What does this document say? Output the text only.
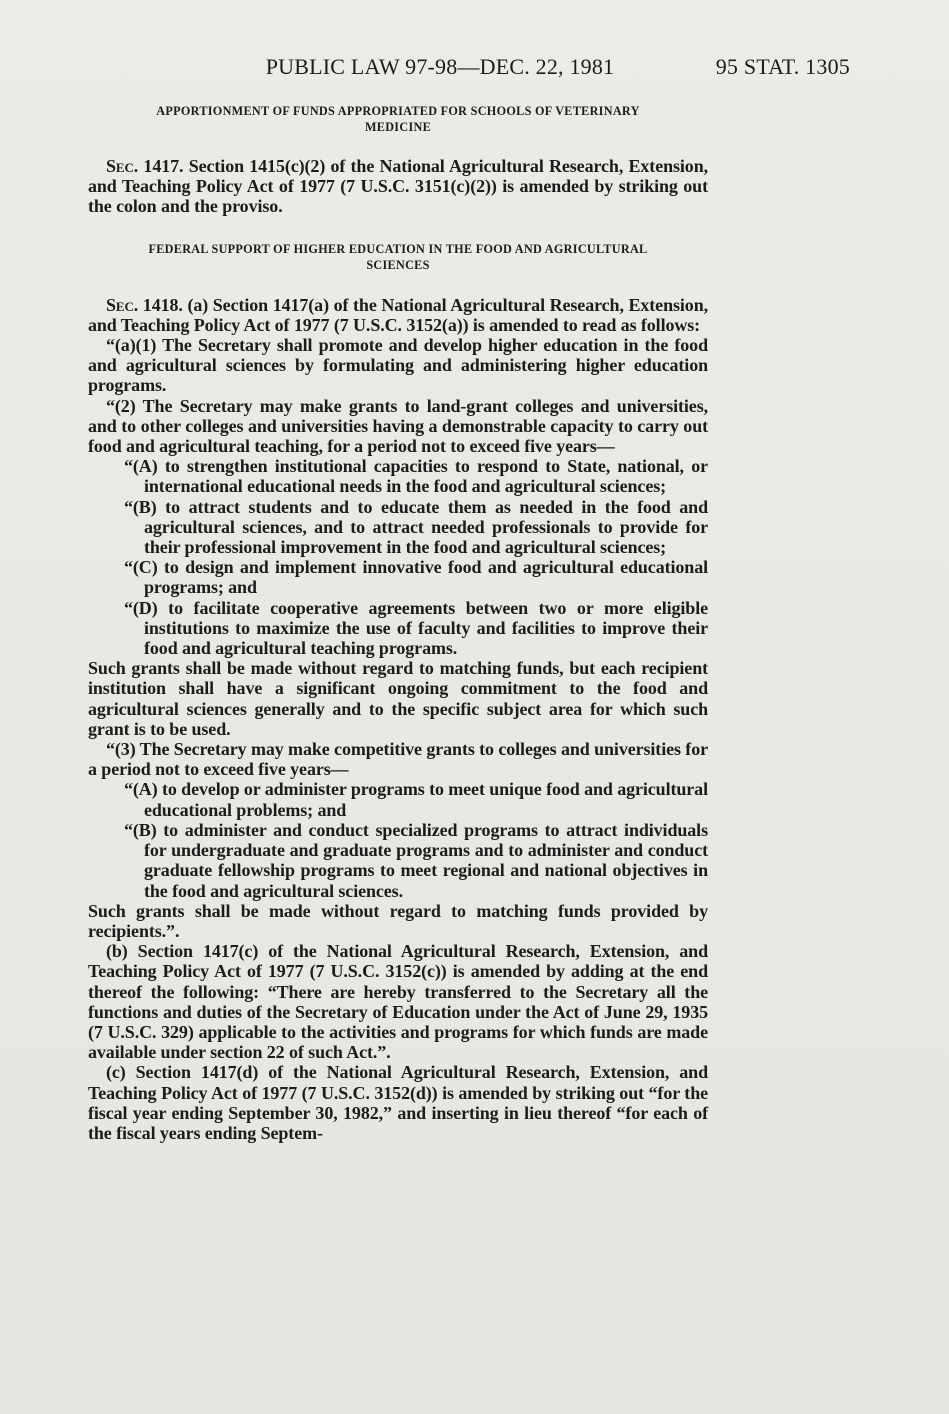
PUBLIC LAW 97-98—DEC. 22, 1981	95 STAT. 1305
APPORTIONMENT OF FUNDS APPROPRIATED FOR SCHOOLS OF VETERINARY MEDICINE

Sec. 1417. Section 1415(c)(2) of the National Agricultural Research, Extension, and Teaching Policy Act of 1977 (7 U.S.C. 3151(c)(2)) is amended by striking out the colon and the proviso.

FEDERAL SUPPORT OF HIGHER EDUCATION IN THE FOOD AND AGRICULTURAL SCIENCES

Sec. 1418. (a) Section 1417(a) of the National Agricultural Research, Extension, and Teaching Policy Act of 1977 (7 U.S.C. 3152(a)) is amended to read as follows:

“(a)(1) The Secretary shall promote and develop higher education in the food and agricultural sciences by formulating and administering higher education programs.

“(2) The Secretary may make grants to land-grant colleges and universities, and to other colleges and universities having a demonstrable capacity to carry out food and agricultural teaching, for a period not to exceed five years—

“(A) to strengthen institutional capacities to respond to State, national, or international educational needs in the food and agricultural sciences;

“(B) to attract students and to educate them as needed in the food and agricultural sciences, and to attract needed professionals to provide for their professional improvement in the food and agricultural sciences;

“(C) to design and implement innovative food and agricultural educational programs; and

“(D) to facilitate cooperative agreements between two or more eligible institutions to maximize the use of faculty and facilities to improve their food and agricultural teaching programs.

Such grants shall be made without regard to matching funds, but each recipient institution shall have a significant ongoing commitment to the food and agricultural sciences generally and to the specific subject area for which such grant is to be used.

“(3) The Secretary may make competitive grants to colleges and universities for a period not to exceed five years—

“(A) to develop or administer programs to meet unique food and agricultural educational problems; and

“(B) to administer and conduct specialized programs to attract individuals for undergraduate and graduate programs and to administer and conduct graduate fellowship programs to meet regional and national objectives in the food and agricultural sciences.

Such grants shall be made without regard to matching funds provided by recipients.”.

(b) Section 1417(c) of the National Agricultural Research, Extension, and Teaching Policy Act of 1977 (7 U.S.C. 3152(c)) is amended by adding at the end thereof the following: “There are hereby transferred to the Secretary all the functions and duties of the Secretary of Education under the Act of June 29, 1935 (7 U.S.C. 329) applicable to the activities and programs for which funds are made available under section 22 of such Act.”.

(c) Section 1417(d) of the National Agricultural Research, Extension, and Teaching Policy Act of 1977 (7 U.S.C. 3152(d)) is amended by striking out “for the fiscal year ending September 30, 1982,” and inserting in lieu thereof “for each of the fiscal years ending Septem-
